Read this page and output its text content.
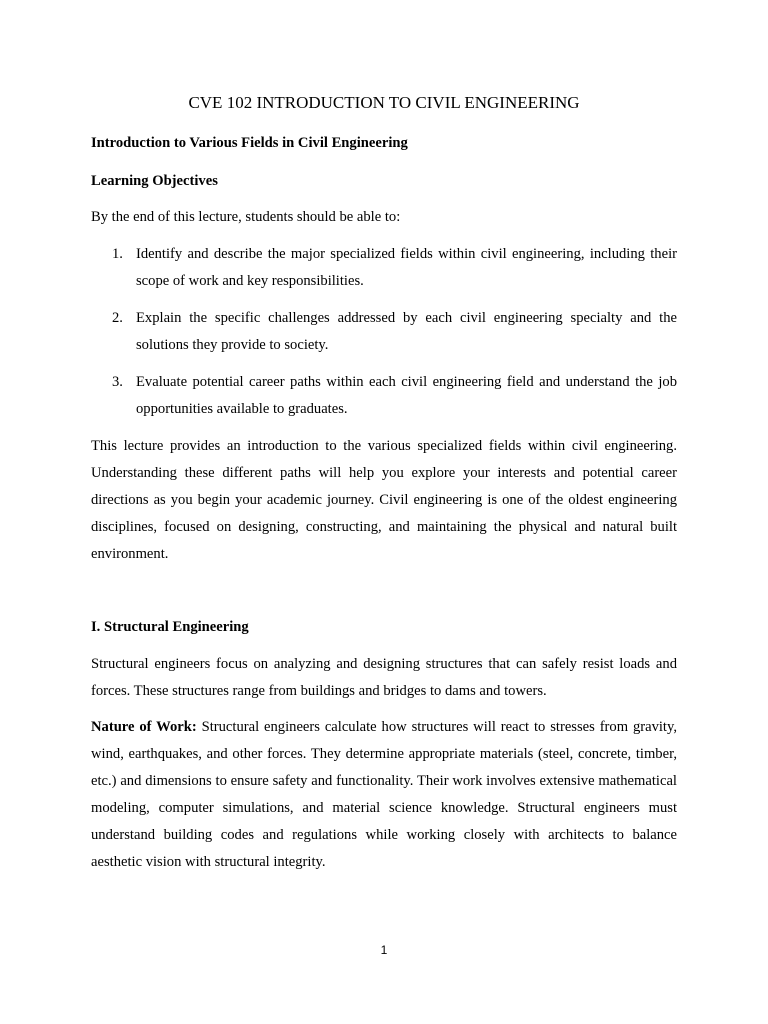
CVE 102 INTRODUCTION TO CIVIL ENGINEERING

Introduction to Various Fields in Civil Engineering

Learning Objectives

By the end of this lecture, students should be able to:

1. Identify and describe the major specialized fields within civil engineering, including their scope of work and key responsibilities.
2. Explain the specific challenges addressed by each civil engineering specialty and the solutions they provide to society.
3. Evaluate potential career paths within each civil engineering field and understand the job opportunities available to graduates.

This lecture provides an introduction to the various specialized fields within civil engineering. Understanding these different paths will help you explore your interests and potential career directions as you begin your academic journey. Civil engineering is one of the oldest engineering disciplines, focused on designing, constructing, and maintaining the physical and natural built environment.

I. Structural Engineering

Structural engineers focus on analyzing and designing structures that can safely resist loads and forces. These structures range from buildings and bridges to dams and towers.

Nature of Work: Structural engineers calculate how structures will react to stresses from gravity, wind, earthquakes, and other forces. They determine appropriate materials (steel, concrete, timber, etc.) and dimensions to ensure safety and functionality. Their work involves extensive mathematical modeling, computer simulations, and material science knowledge. Structural engineers must understand building codes and regulations while working closely with architects to balance aesthetic vision with structural integrity.

1
